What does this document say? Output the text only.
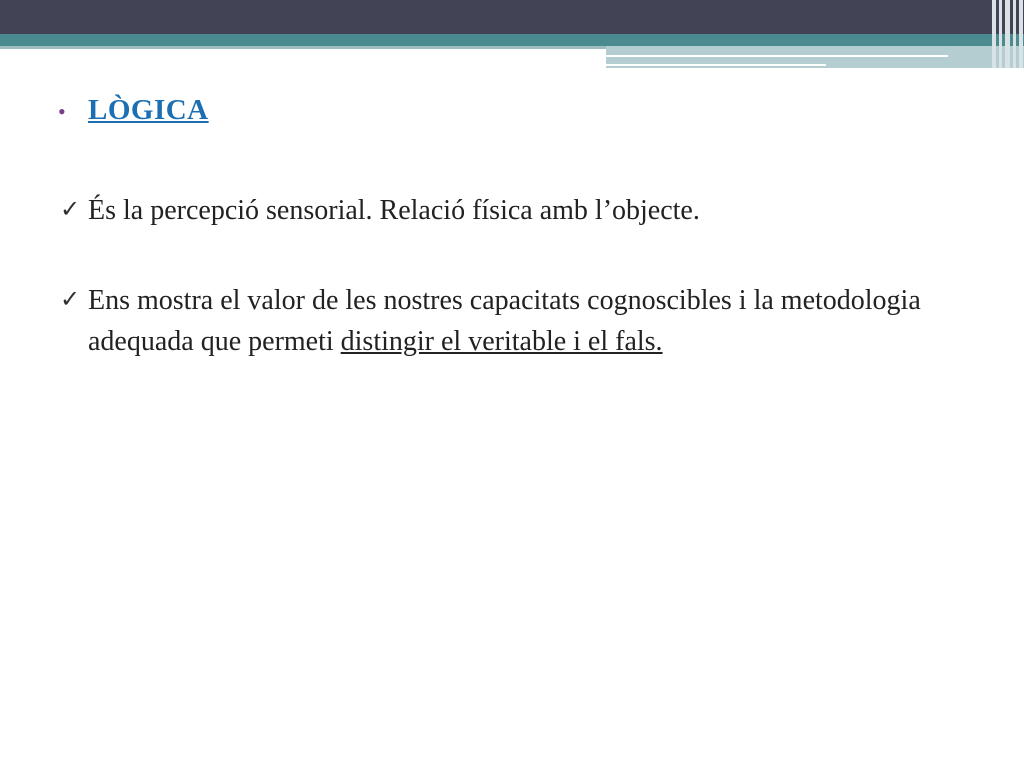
• LÒGICA
✓ És la percepció sensorial. Relació física amb l’objecte.
✓ Ens mostra el valor de les nostres capacitats cognoscibles i la metodologia adequada que permeti distingir el veritable i el fals.
